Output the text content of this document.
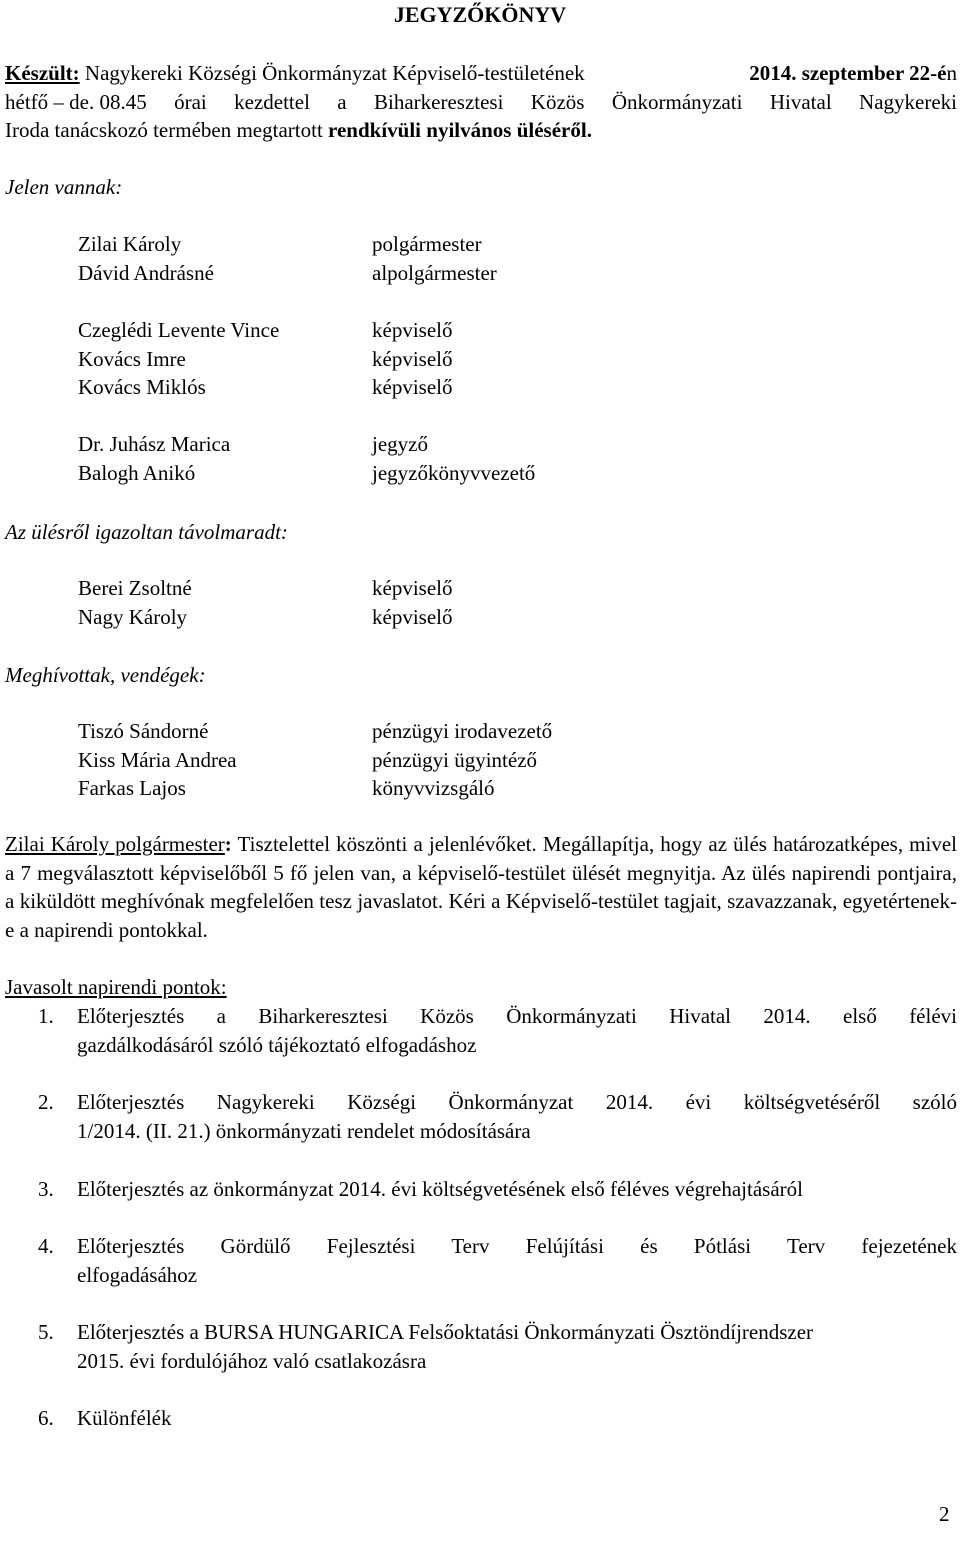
JEGYZŐKÖNYV
Készült: Nagykereki Községi Önkormányzat Képviselő-testületének	2014. szeptember 22-én
hétfő – de. 08. 45 órai kezdettel a Biharkeresztesi Közös Önkormányzati Hivatal Nagykereki
Iroda tanácskozó termében megtartott rendkívüli nyilvános üléséről.
Jelen vannak:
Zilai Károly	polgármester
Dávid Andrásné	alpolgármester
Czeglédi Levente Vince	képviselő
Kovács Imre	képviselő
Kovács Miklós	képviselő
Dr. Juhász Marica	jegyző
Balogh Anikó	jegyzőkönyvvezető
Az ülésről igazoltan távolmaradt:
Berei Zsoltné	képviselő
Nagy Károly	képviselő
Meghívottak, vendégek:
Tiszó Sándorné	pénzügyi irodavezető
Kiss Mária Andrea	pénzügyi ügyintéző
Farkas Lajos	könyvvizsgáló

Zilai Károly polgármester: Tisztelettel köszönti a jelenlévőket. Megállapítja, hogy az ülés határozatképes, mivel a 7 megválasztott képviselőből 5 fő jelen van, a képviselő-testület ülését megnyitja. Az ülés napirendi pontjaira, a kiküldött meghívónak megfelelően tesz javaslatot. Kéri a Képviselő-testület tagjait, szavazzanak, egyetértenek-e a napirendi pontokkal.

Javasolt napirendi pontok:
1.	Előterjesztés a Biharkeresztesi Közös Önkormányzati Hivatal 2014. első félévi
gazdálkodásáról szóló tájékoztató elfogadáshoz
2.	Előterjesztés Nagykereki Községi Önkormányzat 2014. évi költségvetéséről szóló
1/2014. (II. 21.) önkormányzati rendelet módosítására
3.	Előterjesztés az önkormányzat 2014. évi költségvetésének első féléves végrehajtásáról
4.	Előterjesztés Gördülő Fejlesztési Terv Felújítási és Pótlási Terv fejezetének
elfogadásához
5.	Előterjesztés a BURSA HUNGARICA Felsőoktatási Önkormányzati Ösztöndíjrendszer
2015. évi fordulójához való csatlakozásra
6.	Különfélék
2
